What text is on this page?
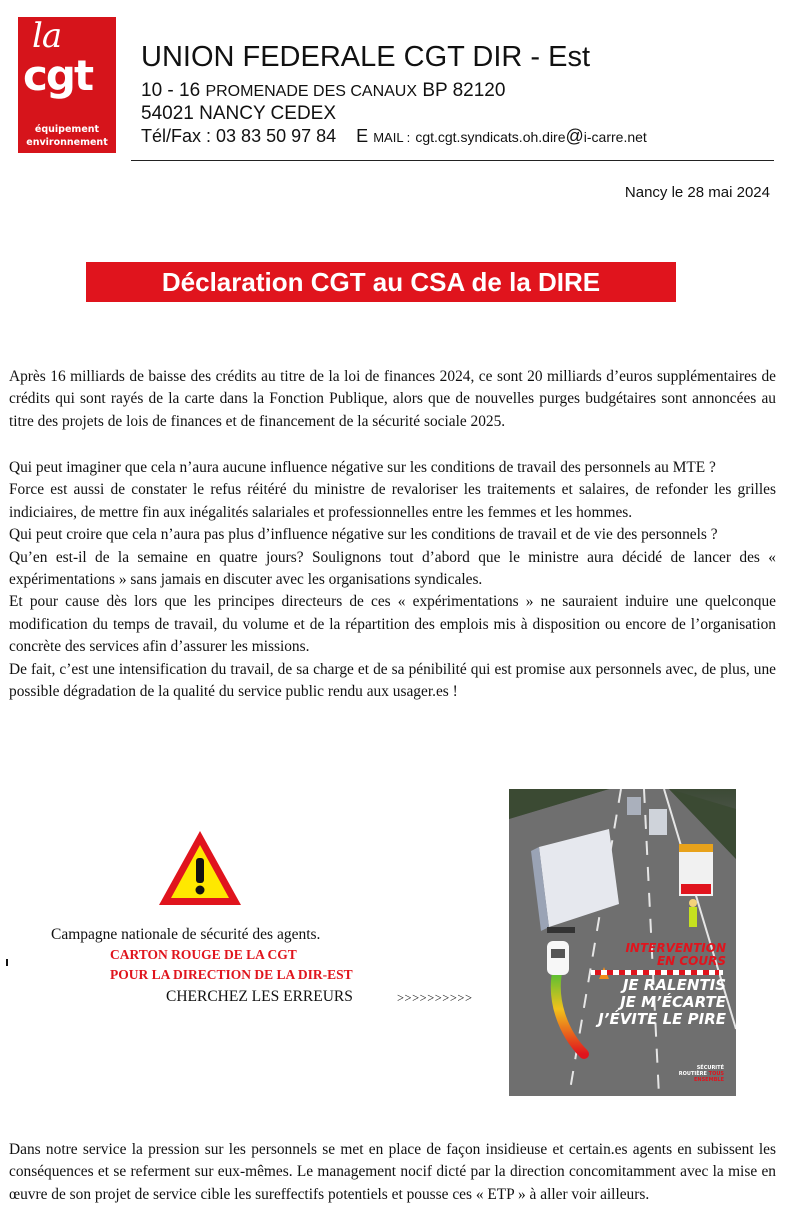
la
cgt
équipement
environnement
UNION FEDERALE CGT DIR - Est
10 - 16 PROMENADE DES CANAUX BP 82120
54021 NANCY CEDEX
Tél/Fax : 03 83 50 97 84 E MAIL : cgt.cgt.syndicats.oh.dire@i-carre.net
Nancy le 28 mai 2024
Déclaration CGT au CSA de la DIRE

Après 16 milliards de baisse des crédits au titre de la loi de finances 2024, ce sont 20 milliards d’euros supplémentaires de crédits qui sont rayés de la carte dans la Fonction Publique, alors que de nouvelles purges budgétaires sont annoncées au titre des projets de lois de finances et de financement de la sécurité sociale 2025.

Qui peut imaginer que cela n’aura aucune influence négative sur les conditions de travail des personnels au MTE ?

Force est aussi de constater le refus réitéré du ministre de revaloriser les traitements et salaires, de refonder les grilles indiciaires, de mettre fin aux inégalités salariales et professionnelles entre les femmes et les hommes.

Qui peut croire que cela n’aura pas plus d’influence négative sur les conditions de travail et de vie des personnels ?

Qu’en est-il de la semaine en quatre jours? Soulignons tout d’abord que le ministre aura décidé de lancer des « expérimentations » sans jamais en discuter avec les organisations syndicales.

Et pour cause dès lors que les principes directeurs de ces « expérimentations » ne sauraient induire une quelconque modification du temps de travail, du volume et de la répartition des emplois mis à disposition ou encore de l’organisation concrète des services afin d’assurer les missions.

De fait, c’est une intensification du travail, de sa charge et de sa pénibilité qui est promise aux personnels avec, de plus, une possible dégradation de la qualité du service public rendu aux usager.es !

Campagne nationale de sécurité des agents.
CARTON ROUGE DE LA CGT
POUR LA DIRECTION DE LA DIR-EST
CHERCHEZ LES ERREURS	>>>>>>>>>>
INTERVENTION
EN COURS
JE RALENTIS
JE M’ÉCARTE
J’ÉVITE LE PIRE
SÉCURITÉ
ROUTIÈRE TOUS
ENSEMBLE

Dans notre service la pression sur les personnels se met en place de façon insidieuse et certain.es agents en subissent les conséquences et se referment sur eux-mêmes. Le management nocif dicté par la direction concomitamment avec la mise en œuvre de son projet de service cible les sureffectifs potentiels et pousse ces « ETP » à aller voir ailleurs.
